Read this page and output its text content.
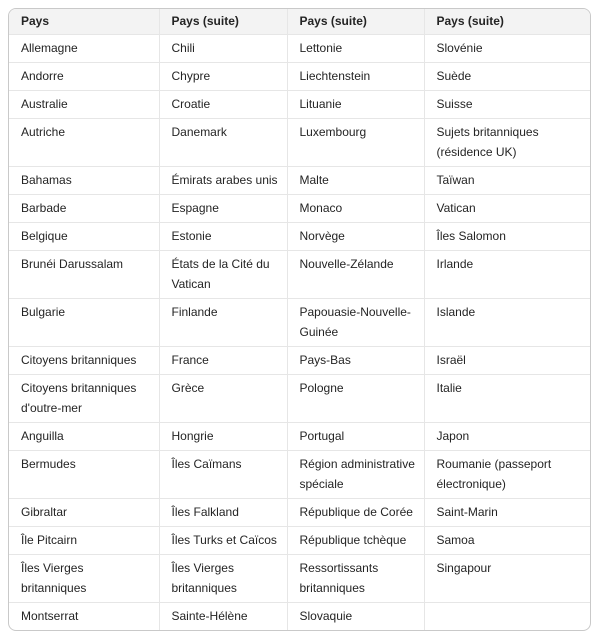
Pays	Pays (suite)	Pays (suite)	Pays (suite)
Allemagne	Chili	Lettonie	Slovénie
Andorre	Chypre	Liechtenstein	Suède
Australie	Croatie	Lituanie	Suisse
Autriche	Danemark	Luxembourg	Sujets britanniques (résidence UK)
Bahamas	Émirats arabes unis	Malte	Taïwan
Barbade	Espagne	Monaco	Vatican
Belgique	Estonie	Norvège	Îles Salomon
Brunéi Darussalam	États de la Cité du Vatican	Nouvelle-Zélande	Irlande
Bulgarie	Finlande	Papouasie-Nouvelle-Guinée	Islande
Citoyens britanniques	France	Pays-Bas	Israël
Citoyens britanniques d'outre-mer	Grèce	Pologne	Italie
Anguilla	Hongrie	Portugal	Japon
Bermudes	Îles Caïmans	Région administrative spéciale	Roumanie (passeport électronique)
Gibraltar	Îles Falkland	République de Corée	Saint-Marin
Île Pitcairn	Îles Turks et Caïcos	République tchèque	Samoa
Îles Vierges britanniques	Îles Vierges britanniques	Ressortissants britanniques	Singapour
Montserrat	Sainte-Hélène	Slovaquie	
